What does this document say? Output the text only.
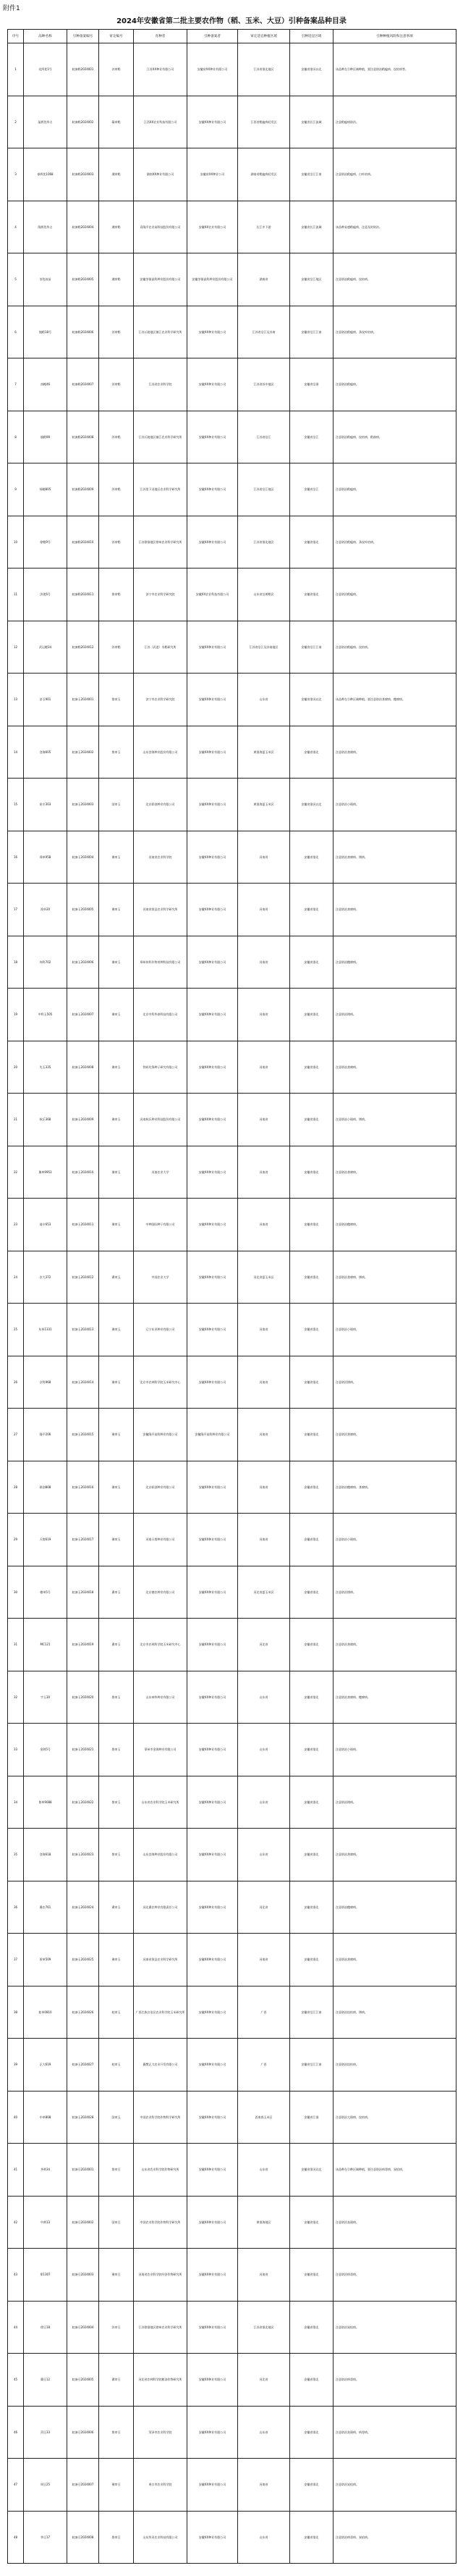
附件1
2024年安徽省第二批主要农作物（稻、玉米、大豆）引种备案品种目录
序号	品种名称	引种备案编号	审定编号	育种者	引种备案者	审定适宜种植区域	引种适宜区域	引种种植风险和注意事项
1	光两优1号	皖备稻2024001	苏审稻	江苏XX种业有限公司	安徽省XX种业有限公司	江苏省淮北地区	安徽省淮河以北	该品种在引种区域种植，要注意防治稻瘟病、纹枯病等。
2	晶两优华占	皖备稻2024002	赣审稻	江西XX农业科技有限公司	安徽XX种业有限公司	江西省稻瘟病轻发区	安徽省长江流域	注意稻瘟病防治。
3	泰两优1068	皖备稻2024003	湘审稻	湖南XX种业有限公司	安徽省XX种业公司	湖南省稻瘟病轻发区	安徽省沿江江南	注意防治稻瘟病、白叶枯病。
4	隆两优华占	皖备稻2024004	湘审稻	袁隆平农业高科技股份有限公司	安徽XX农业有限公司	长江中下游	安徽省长江流域	该品种易感稻瘟病，注意及时防治。
5	荃优丝苗	皖备稻2024005	湘审稻	安徽荃银高科种业股份有限公司	安徽荃银高科种业股份有限公司	湖南省	安徽省沿江地区	注意防治稻瘟病、纹枯病。
6	镇稻18号	皖备稻2024006	苏审稻	江苏丘陵地区镇江农业科学研究所	安徽XX种业有限公司	江苏省沿江及苏南	安徽省沿江江南	注意防治稻瘟病、条纹叶枯病。
7	南粳46	皖备稻2024007	苏审稻	江苏省农业科学院	安徽XX种业有限公司	江苏省苏中地区	安徽省沿淮	注意防治稻瘟病。
8	镇稻99	皖备稻2024008	苏审稻	江苏丘陵地区镇江农业科学研究所	安徽XX种业有限公司	江苏省沿江	安徽省沿江	注意防治稻瘟病、纹枯病、稻曲病。
9	扬粳805	皖备稻2024009	苏审稻	江苏里下河地区农业科学研究所	安徽XX种业有限公司	江苏省沿江地区	安徽省沿江	注意防治稻瘟病。
10	徐稻9号	皖备稻2024010	苏审稻	江苏徐淮地区徐州农业科学研究所	安徽XX种业有限公司	江苏省淮北地区	安徽省淮北	注意防治稻瘟病、条纹叶枯病。
11	济优6号	皖备稻2024011	鲁审稻	济宁市农业科学研究院	安徽XX农业科技有限公司	山东省沿黄稻区	安徽省淮北	注意防治稻瘟病。
12	武运粳34	皖备稻2024012	苏审稻	江苏（武进）水稻研究所	安徽XX种业有限公司	江苏省沿江及苏南地区	安徽省沿江江南	注意防治稻瘟病、纹枯病。
13	济玉901	皖备玉2024001	鲁审玉	济宁市农业科学研究院	安徽XX种业有限公司	山东省	安徽省淮河以北	该品种在引种区域种植，要注意防治茎腐病、穗腐病。
14	登海605	皖备玉2024002	鲁审玉	山东登海种业股份有限公司	安徽XX种业有限公司	黄淮海夏玉米区	安徽省淮北	注意防治茎腐病。
15	裕丰303	皖备玉2024003	国审玉	北京联创种业有限公司	安徽XX种业有限公司	黄淮海夏玉米区	安徽省淮河以北	注意防治小斑病。
16	郑单958	皖备玉2024004	豫审玉	河南省农业科学院	安徽XX种业有限公司	河南省	安徽省淮北	注意防治茎腐病、锈病。
17	浚单20	皖备玉2024005	豫审玉	河南省浚县农业科学研究所	安徽XX种业有限公司	河南省	安徽省淮北	注意防治茎腐病。
18	伟科702	皖备玉2024006	豫审玉	郑州伟科作物育种科技有限公司	安徽XX种业有限公司	河南省	安徽省淮北	注意防治穗腐病。
19	中科玉505	皖备玉2024007	豫审玉	北京中科华泰科技有限公司	安徽XX种业有限公司	河南省	安徽省淮北	注意防治锈病。
20	先玉335	皖备玉2024008	豫审玉	铁岭先锋种子研究有限公司	安徽XX种业有限公司	河南省	安徽省淮北	注意防治茎腐病。
21	秋乐368	皖备玉2024009	豫审玉	河南秋乐种业科技股份有限公司	安徽XX种业有限公司	河南省	安徽省淮北	注意防治小斑病、锈病。
22	豫单9953	皖备玉2024010	豫审玉	河南农业大学	安徽XX种业有限公司	河南省	安徽省淮北	注意防治茎腐病。
23	迪卡653	皖备玉2024011	豫审玉	中种国际种子有限公司	安徽XX种业有限公司	河南省	安徽省淮北	注意防治穗腐病。
24	农大372	皖备玉2024012	冀审玉	中国农业大学	安徽XX种业有限公司	河北省夏玉米区	安徽省淮北	注意防治茎腐病、锈病。
25	东单1331	皖备玉2024013	豫审玉	辽宁东亚种业有限公司	安徽XX种业有限公司	河南省	安徽省淮北	注意防治小斑病。
26	京科968	皖备玉2024014	豫审玉	北京市农林科学院玉米研究中心	安徽XX种业有限公司	河南省	安徽省淮北	注意防治锈病。
27	隆平206	皖备玉2024015	豫审玉	安徽隆平高科种业有限公司	安徽隆平高科种业有限公司	河南省	安徽省淮北	注意防治茎腐病。
28	联创808	皖备玉2024016	豫审玉	北京联创种业有限公司	安徽XX种业有限公司	河南省	安徽省淮北	注意防治穗腐病、茎腐病。
29	天塔619	皖备玉2024017	豫审玉	河南天塔种业有限公司	安徽XX种业有限公司	河南省	安徽省淮北	注意防治小斑病。
30	德单5号	皖备玉2024018	冀审玉	北京德农种业有限公司	安徽XX种业有限公司	河北省夏玉米区	安徽省淮北	注意防治锈病。
31	MC121	皖备玉2024019	冀审玉	北京市农林科学院玉米研究中心	安徽XX种业有限公司	河北省	安徽省淮北	注意防治茎腐病。
32	宇玉30	皖备玉2024020	鲁审玉	山东神华种业有限公司	安徽XX种业有限公司	山东省	安徽省淮北	注意防治茎腐病、穗腐病。
33	金海5号	皖备玉2024021	鲁审玉	莱州市金海种业有限公司	安徽XX种业有限公司	山东省	安徽省淮北	注意防治小斑病。
34	鲁单9088	皖备玉2024022	鲁审玉	山东省农业科学院玉米研究所	安徽XX种业有限公司	山东省	安徽省淮北	注意防治锈病。
35	登海618	皖备玉2024023	鲁审玉	山东登海种业股份有限公司	安徽XX种业有限公司	山东省	安徽省淮北	注意防治茎腐病。
36	冀农761	皖备玉2024024	冀审玉	河北冀农种业有限责任公司	安徽XX种业有限公司	河北省	安徽省淮北	注意防治穗腐病。
37	浚单509	皖备玉2024025	豫审玉	河南省浚县农业科学研究所	安徽XX种业有限公司	河南省	安徽省淮北	注意防治茎腐病。
38	桂单0810	皖备玉2024026	桂审玉	广西壮族自治区农业科学院玉米研究所	安徽XX种业有限公司	广西	安徽省沿江江南	注意防治纹枯病、锈病。
39	正大619	皖备玉2024027	桂审玉	襄樊正大农业开发有限公司	安徽XX种业有限公司	广西	安徽省沿江江南	注意防治纹枯病。
40	中单808	皖备玉2024028	国审玉	中国农业科学院作物科学研究所	安徽XX种业有限公司	西南春玉米区	安徽省江淮	注意防治大斑病、纹枯病。
41	齐黄34	皖备豆2024001	鲁审豆	山东省农业科学院作物研究所	安徽XX种业有限公司	山东省	安徽省淮河以北	该品种在引种区域种植，要注意防治病毒病、炭疽病。
42	中黄13	皖备豆2024002	国审豆	中国农业科学院作物科学研究所	安徽XX种业有限公司	黄淮海地区	安徽省淮北	注意防治灰斑病。
43	郑1307	皖备豆2024003	豫审豆	河南省农业科学院经济作物研究所	安徽XX种业有限公司	河南省	安徽省淮北	注意防治病毒病。
44	徐豆18	皖备豆2024004	苏审豆	江苏徐淮地区徐州农业科学研究所	安徽XX种业有限公司	江苏省淮北地区	安徽省淮北	注意防治炭疽病。
45	冀豆12	皖备豆2024005	冀审豆	河北省农林科学院粮油作物研究所	安徽XX种业有限公司	河北省	安徽省淮北	注意防治病毒病。
46	菏豆33	皖备豆2024006	鲁审豆	菏泽市农业科学院	安徽XX种业有限公司	山东省	安徽省淮北	注意防治灰斑病、病毒病。
47	周豆25	皖备豆2024007	豫审豆	周口市农业科学院	安徽XX种业有限公司	河南省	安徽省淮北	注意防治炭疽病。
48	华豆17	皖备豆2024008	鲁审豆	山东华亚农业科技有限公司	安徽XX种业有限公司	山东省	安徽省淮北	注意防治病毒病、炭疽病。
